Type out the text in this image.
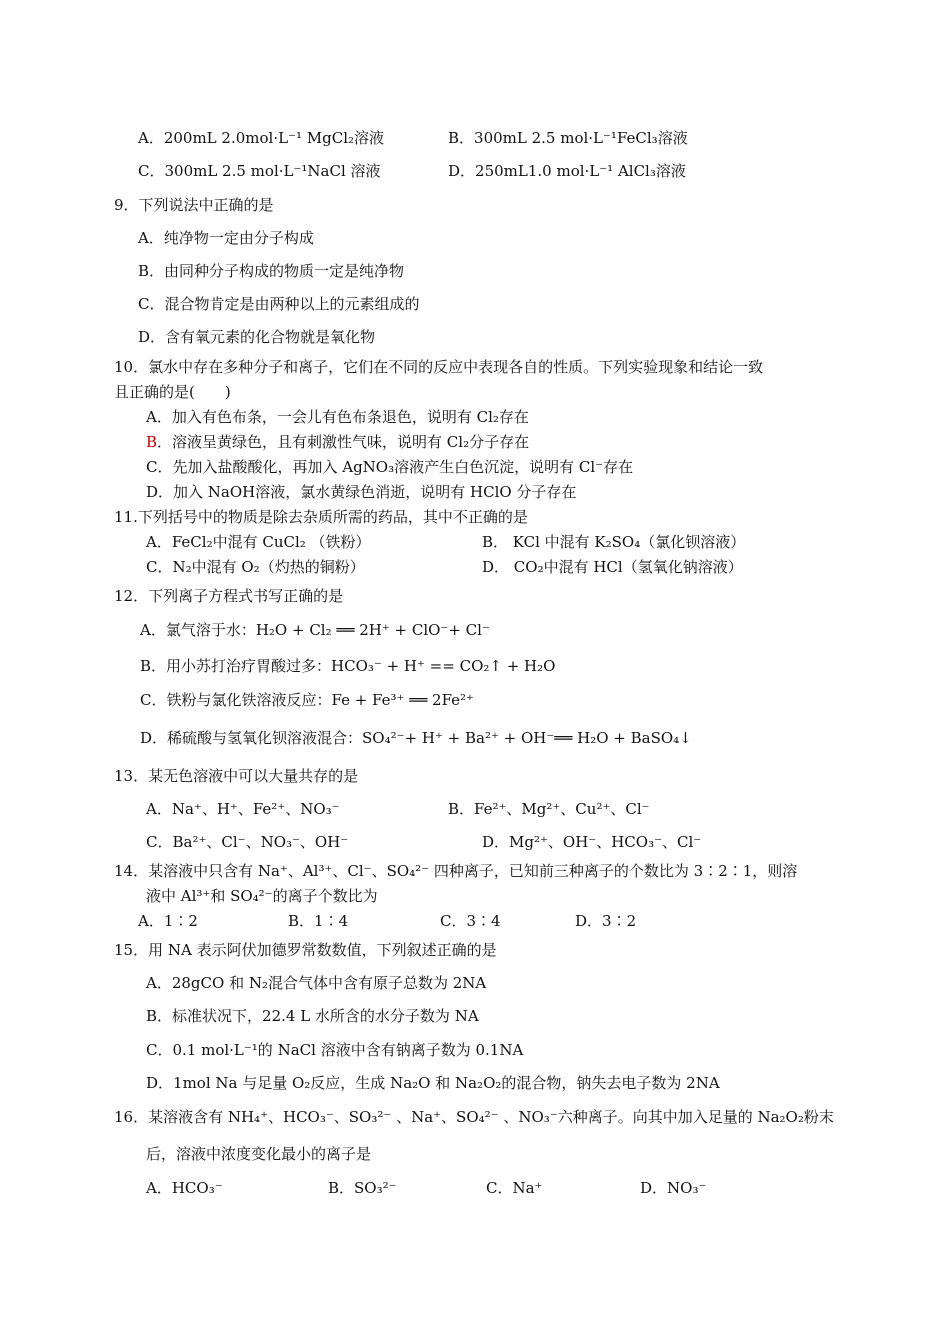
A．200mL 2.0mol·L⁻¹ MgCl₂溶液	B．300mL 2.5 mol·L⁻¹FeCl₃溶液
C．300mL 2.5 mol·L⁻¹NaCl 溶液	D．250mL1.0 mol·L⁻¹ AlCl₃溶液
9．下列说法中正确的是
A．纯净物一定由分子构成
B．由同种分子构成的物质一定是纯净物
C．混合物肯定是由两种以上的元素组成的
D．含有氧元素的化合物就是氧化物
10．氯水中存在多种分子和离子，它们在不同的反应中表现各自的性质。下列实验现象和结论一致
且正确的是(　　)
A．加入有色布条，一会儿有色布条退色，说明有 Cl₂存在
B．溶液呈黄绿色，且有刺激性气味，说明有 Cl₂分子存在
C．先加入盐酸酸化，再加入 AgNO₃溶液产生白色沉淀，说明有 Cl⁻存在
D．加入 NaOH溶液，氯水黄绿色消逝，说明有 HClO 分子存在
11.下列括号中的物质是除去杂质所需的药品，其中不正确的是
A．FeCl₂中混有 CuCl₂ （铁粉）	B． KCl 中混有 K₂SO₄（氯化钡溶液）
C．N₂中混有 O₂（灼热的铜粉）	D． CO₂中混有 HCl（氢氧化钠溶液）
12．下列离子方程式书写正确的是
A．氯气溶于水：H₂O + Cl₂ ══ 2H⁺ + ClO⁻+ Cl⁻
B．用小苏打治疗胃酸过多：HCO₃⁻ + H⁺ == CO₂↑ + H₂O
C．铁粉与氯化铁溶液反应：Fe + Fe³⁺ ══ 2Fe²⁺
D．稀硫酸与氢氧化钡溶液混合：SO₄²⁻+ H⁺ + Ba²⁺ + OH⁻══ H₂O + BaSO₄↓
13．某无色溶液中可以大量共存的是
A．Na⁺、H⁺、Fe²⁺、NO₃⁻	B．Fe²⁺、Mg²⁺、Cu²⁺、Cl⁻
C．Ba²⁺、Cl⁻、NO₃⁻、OH⁻	D．Mg²⁺、OH⁻、HCO₃⁻、Cl⁻
14．某溶液中只含有 Na⁺、Al³⁺、Cl⁻、SO₄²⁻ 四种离子，已知前三种离子的个数比为 3∶2∶1，则溶
液中 Al³⁺和 SO₄²⁻的离子个数比为
A．1∶2	B．1∶4	C．3∶4	D．3∶2
15．用 NA 表示阿伏加德罗常数数值，下列叙述正确的是
A．28gCO 和 N₂混合气体中含有原子总数为 2NA
B．标准状况下，22.4 L 水所含的水分子数为 NA
C．0.1 mol·L⁻¹的 NaCl 溶液中含有钠离子数为 0.1NA
D．1mol Na 与足量 O₂反应，生成 Na₂O 和 Na₂O₂的混合物，钠失去电子数为 2NA
16．某溶液含有 NH₄⁺、HCO₃⁻、SO₃²⁻ 、Na⁺、SO₄²⁻ 、NO₃⁻六种离子。向其中加入足量的 Na₂O₂粉末
后，溶液中浓度变化最小的离子是
A．HCO₃⁻	B．SO₃²⁻	C．Na⁺	D．NO₃⁻
